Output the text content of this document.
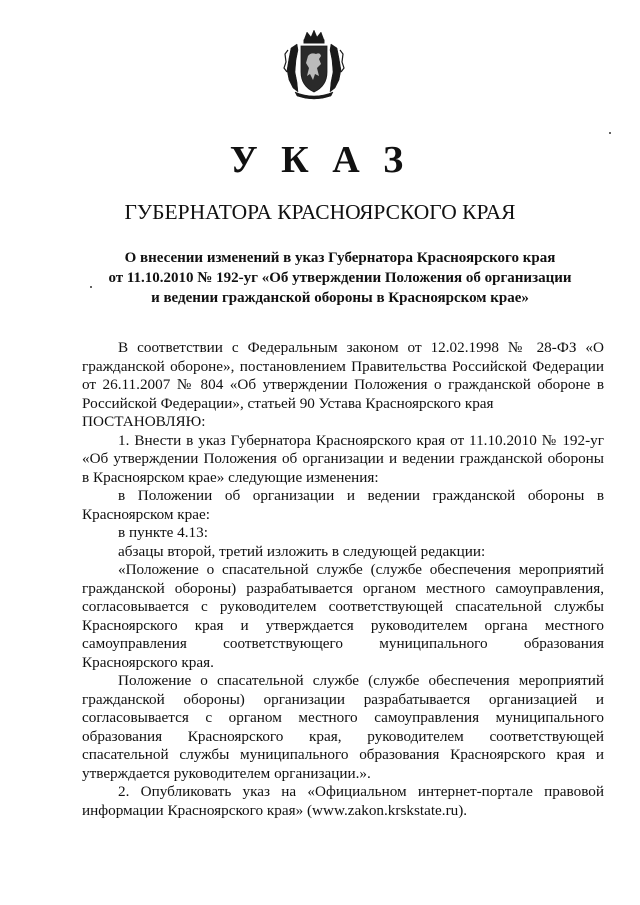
У К А З
ГУБЕРНАТОРА КРАСНОЯРСКОГО КРАЯ
О внесении изменений в указ Губернатора Красноярского края
от 11.10.2010 № 192-уг «Об утверждении Положения об организации
и ведении гражданской обороны в Красноярском крае»

В соответствии с Федеральным законом от 12.02.1998 № 28-ФЗ «О гражданской обороне», постановлением Правительства Российской Федерации от 26.11.2007 № 804 «Об утверждении Положения о гражданской обороне в Российской Федерации», статьей 90 Устава Красноярского края

ПОСТАНОВЛЯЮ:

1. Внести в указ Губернатора Красноярского края от 11.10.2010 № 192-уг «Об утверждении Положения об организации и ведении гражданской обороны в Красноярском крае» следующие изменения:

в Положении об организации и ведении гражданской обороны в Красноярском крае:

в пункте 4.13:

абзацы второй, третий изложить в следующей редакции:

«Положение о спасательной службе (службе обеспечения мероприятий гражданской обороны) разрабатывается органом местного самоуправления, согласовывается с руководителем соответствующей спасательной службы Красноярского края и утверждается руководителем органа местного самоуправления соответствующего муниципального образования Красноярского края.

Положение о спасательной службе (службе обеспечения мероприятий гражданской обороны) организации разрабатывается организацией и согласовывается с органом местного самоуправления муниципального образования Красноярского края, руководителем соответствующей спасательной службы муниципального образования Красноярского края и утверждается руководителем организации.».

2. Опубликовать указ на «Официальном интернет-портале правовой информации Красноярского края» (www.zakon.krskstate.ru).
